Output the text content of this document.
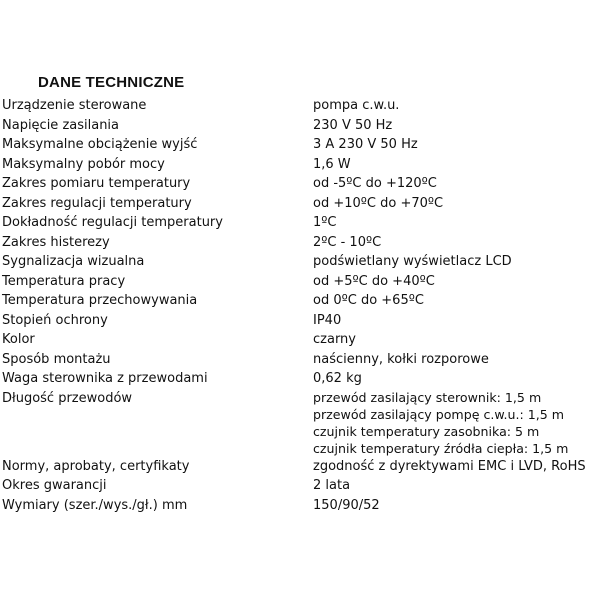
DANE TECHNICZNE
Urządzenie sterowane	pompa c.w.u.
Napięcie zasilania	230 V 50 Hz
Maksymalne obciążenie wyjść	3 A 230 V 50 Hz
Maksymalny pobór mocy	1,6 W
Zakres pomiaru temperatury	od -5ºC do +120ºC
Zakres regulacji temperatury	od +10ºC do +70ºC
Dokładność regulacji temperatury	1ºC
Zakres histerezy	2ºC - 10ºC
Sygnalizacja wizualna	podświetlany wyświetlacz LCD
Temperatura pracy	od +5ºC do +40ºC
Temperatura przechowywania	od 0ºC do +65ºC
Stopień ochrony	IP40
Kolor	czarny
Sposób montażu	naścienny, kołki rozporowe
Waga sterownika z przewodami	0,62 kg
Długość przewodów	przewód zasilający sterownik: 1,5 m
przewód zasilający pompę c.w.u.: 1,5 m
czujnik temperatury zasobnika: 5 m
czujnik temperatury źródła ciepła: 1,5 m
Normy, aprobaty, certyfikaty	zgodność z dyrektywami EMC i LVD, RoHS
Okres gwarancji	2 lata
Wymiary (szer./wys./gł.) mm	150/90/52
